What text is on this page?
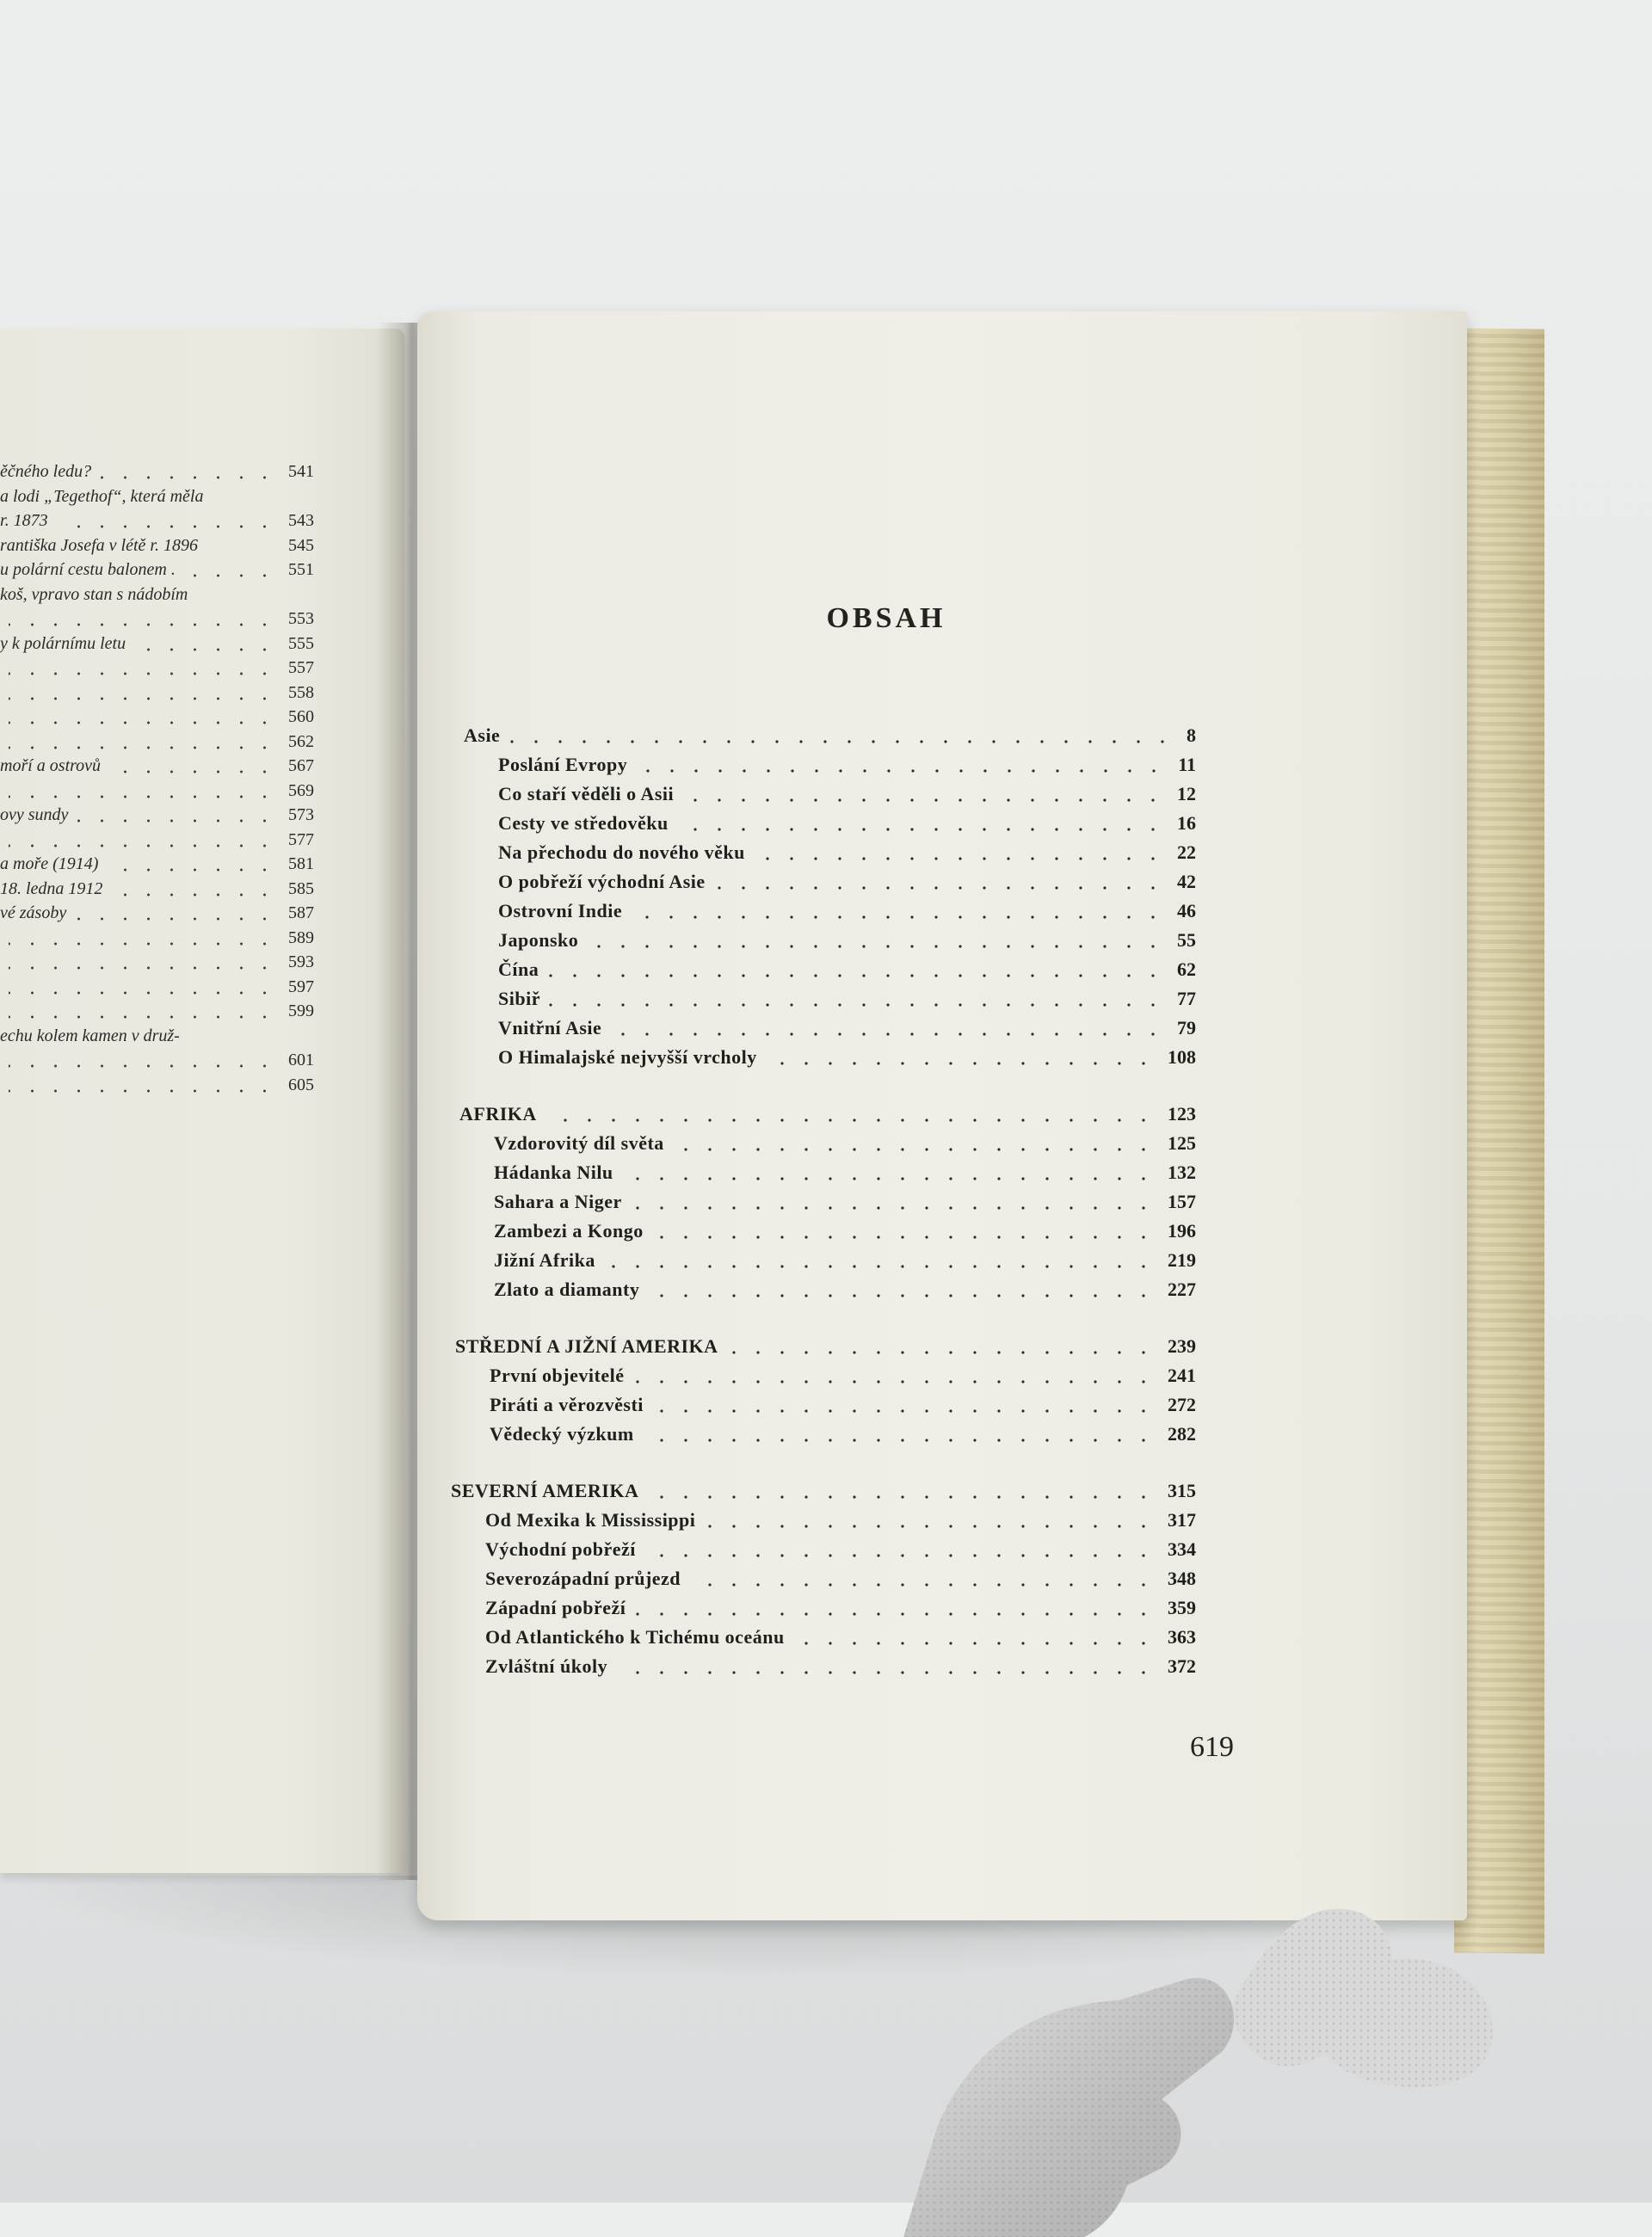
ěčného ledu?	541
a lodi „Tegethof“, která měla
r. 1873	543
rantiška Josefa v létě r. 1896	545
u polární cestu balonem .	551
koš, vpravo stan s nádobím
553
y k polárnímu letu	555
557
558
560
562
moří a ostrovů	567
569
ovy sundy	573
577
a moře (1914)	581
18. ledna 1912	585
vé zásoby	587
589
593
597
599
echu kolem kamen v druž-
601
605
OBSAH
Asie	8
Poslání Evropy	11
Co staří věděli o Asii	12
Cesty ve středověku	16
Na přechodu do nového věku	22
O pobřeží východní Asie	42
Ostrovní Indie	46
Japonsko	55
Čína	62
Sibiř	77
Vnitřní Asie	79
O Himalajské nejvyšší vrcholy	108
AFRIKA	123
Vzdorovitý díl světa	125
Hádanka Nilu	132
Sahara a Niger	157
Zambezi a Kongo	196
Jižní Afrika	219
Zlato a diamanty	227
STŘEDNÍ A JIŽNÍ AMERIKA	239
První objevitelé	241
Piráti a věrozvěsti	272
Vědecký výzkum	282
SEVERNÍ AMERIKA	315
Od Mexika k Mississippi	317
Východní pobřeží	334
Severozápadní průjezd	348
Západní pobřeží	359
Od Atlantického k Tichému oceánu	363
Zvláštní úkoly	372
619
